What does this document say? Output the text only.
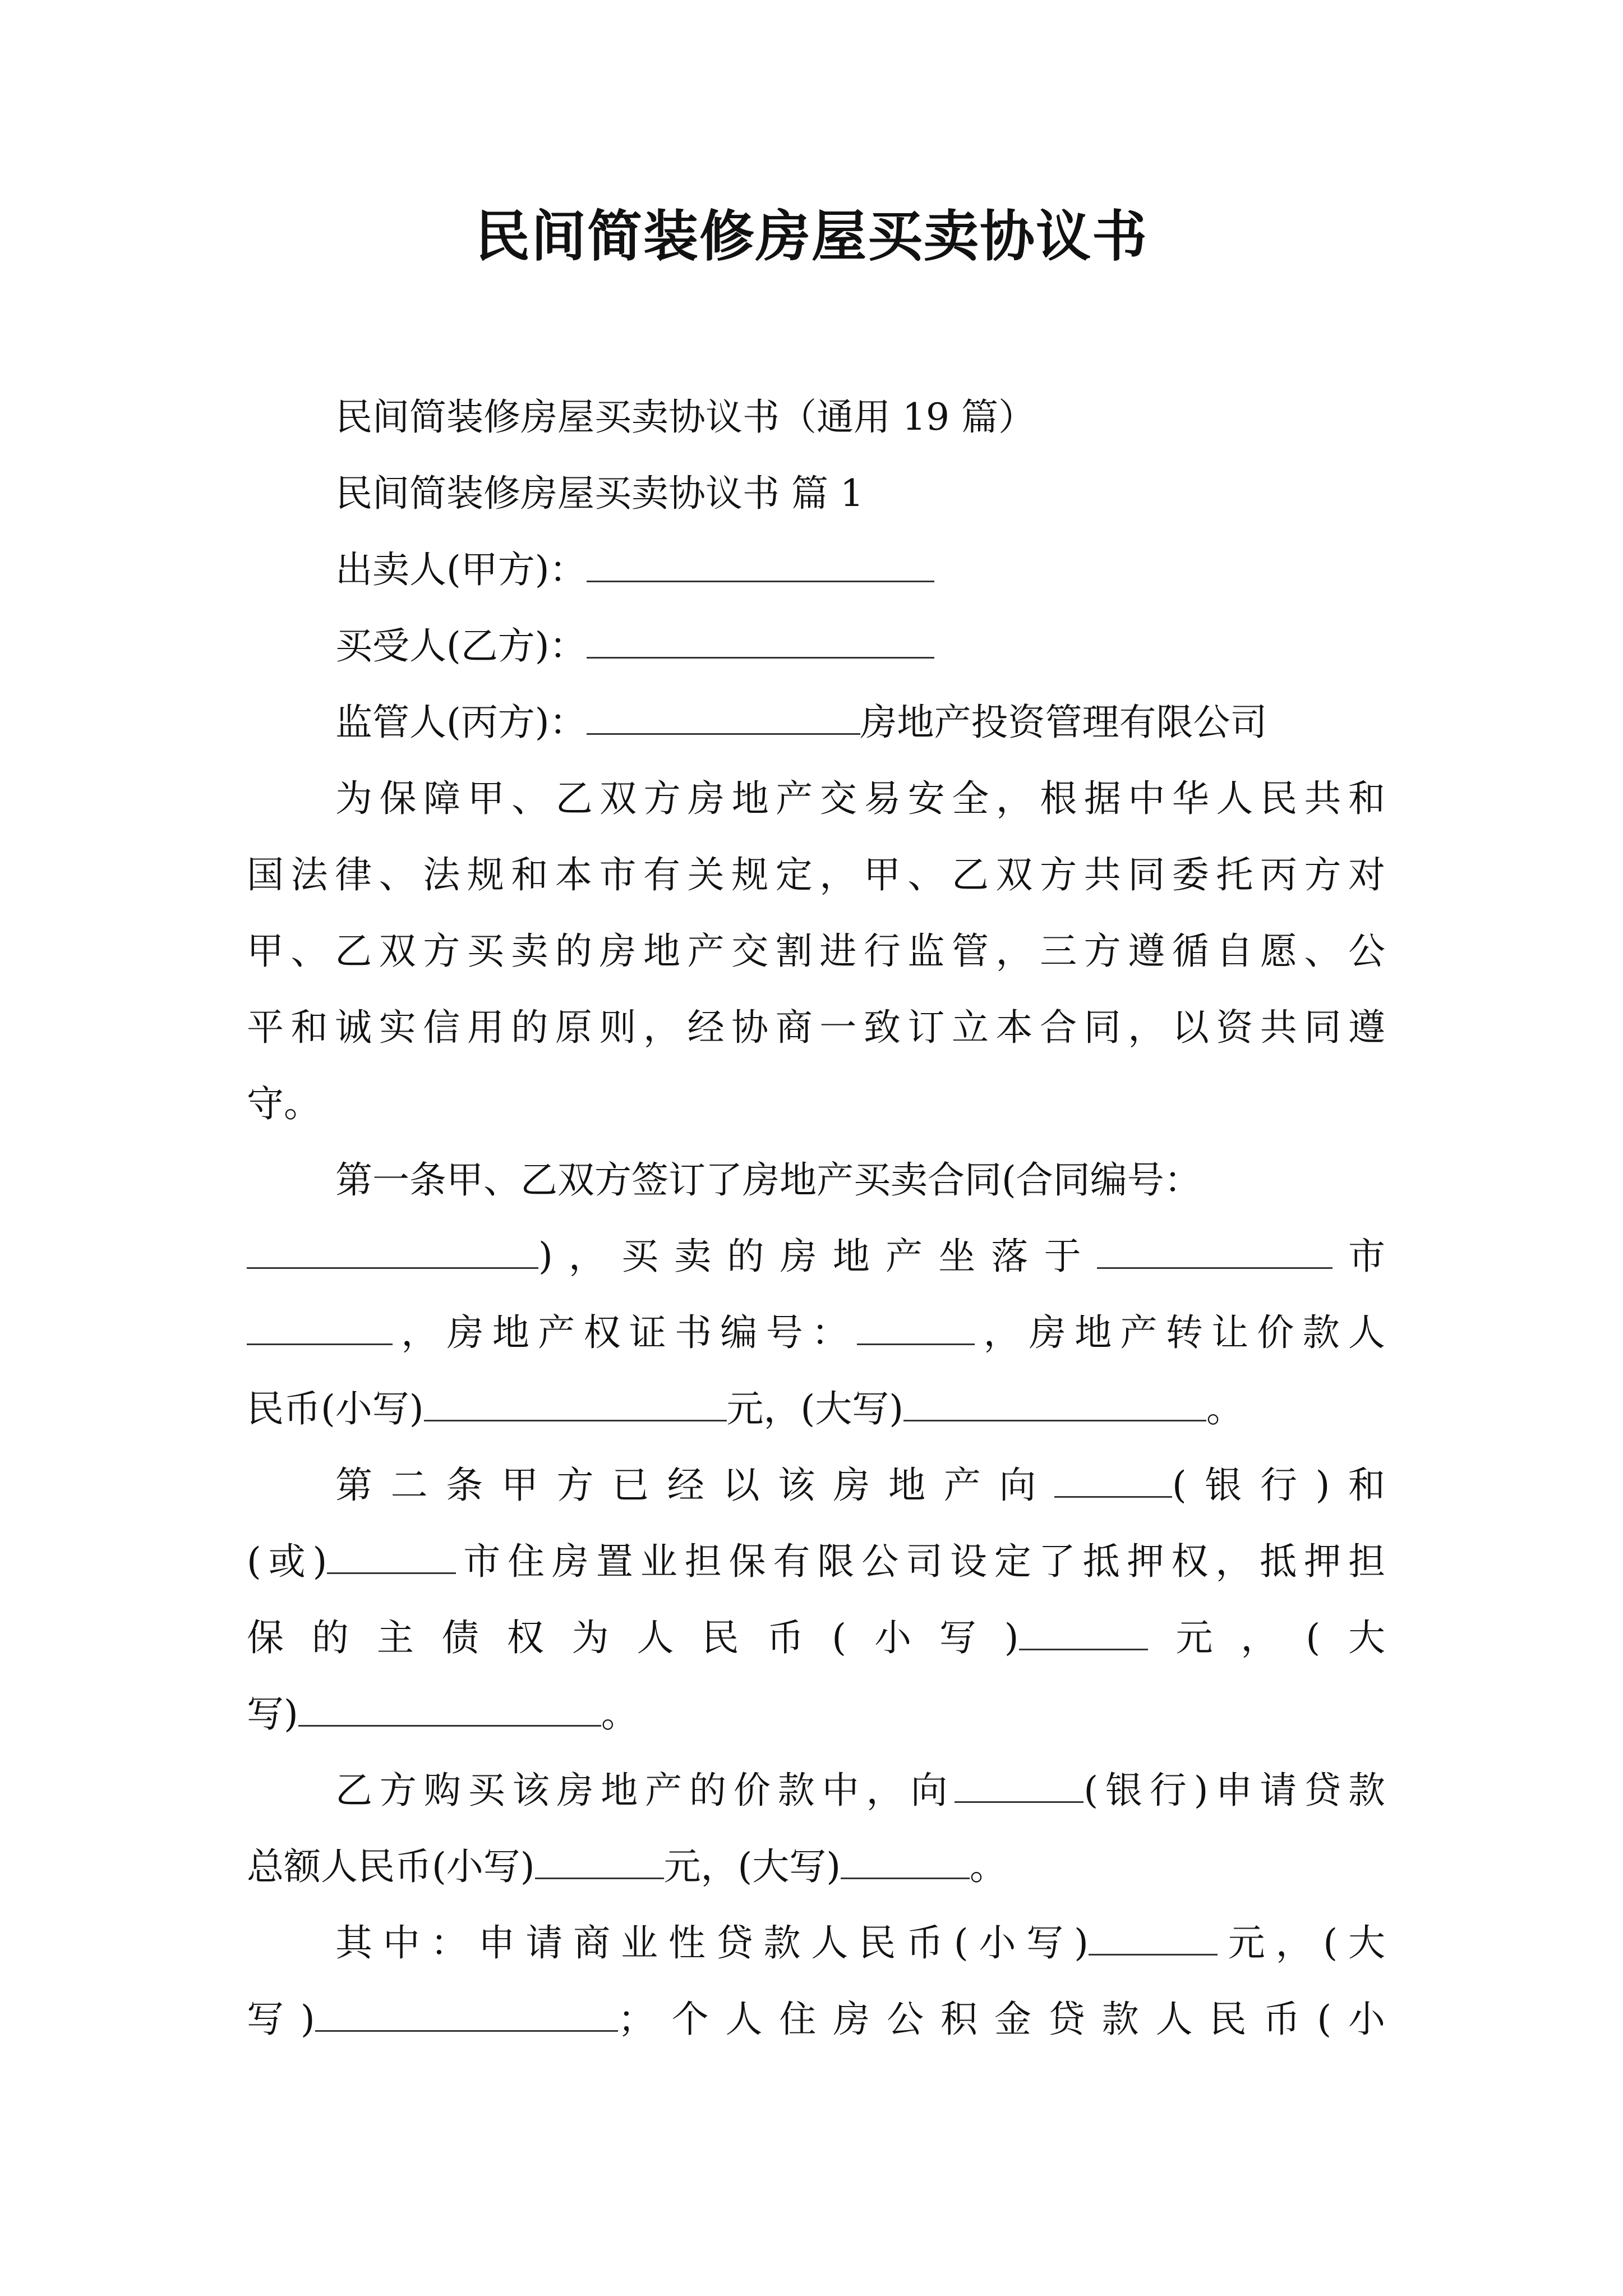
民间简装修房屋买卖协议书
民间简装修房屋买卖协议书（通用 19 篇）
民间简装修房屋买卖协议书 篇 1
出卖人(甲方)：
买受人(乙方)：
监管人(丙方)：	房地产投资管理有限公司
为保障甲、乙双方房地产交易安全，根据中华人民共和
国法律、法规和本市有关规定，甲、乙双方共同委托丙方对
甲、乙双方买卖的房地产交割进行监管，三方遵循自愿、公
平和诚实信用的原则，经协商一致订立本合同，以资共同遵
守。
第一条甲、乙双方签订了房地产买卖合同(合同编号：
)，买卖的房地产坐落于	市
，房地产权证书编号：	，房地产转让价款人
民币(小写)	元，(大写)	。
第二条甲方已经以该房地产向	(银行)和
(或)	市住房置业担保有限公司设定了抵押权，抵押担
保的主债权为人民币(小写)	元，(大
写)	。
乙方购买该房地产的价款中，向	(银行)申请贷款
总额人民币(小写)	元，(大写)	。
其中：申请商业性贷款人民币(小写)	元，(大
写)	；个人住房公积金贷款人民币(小
